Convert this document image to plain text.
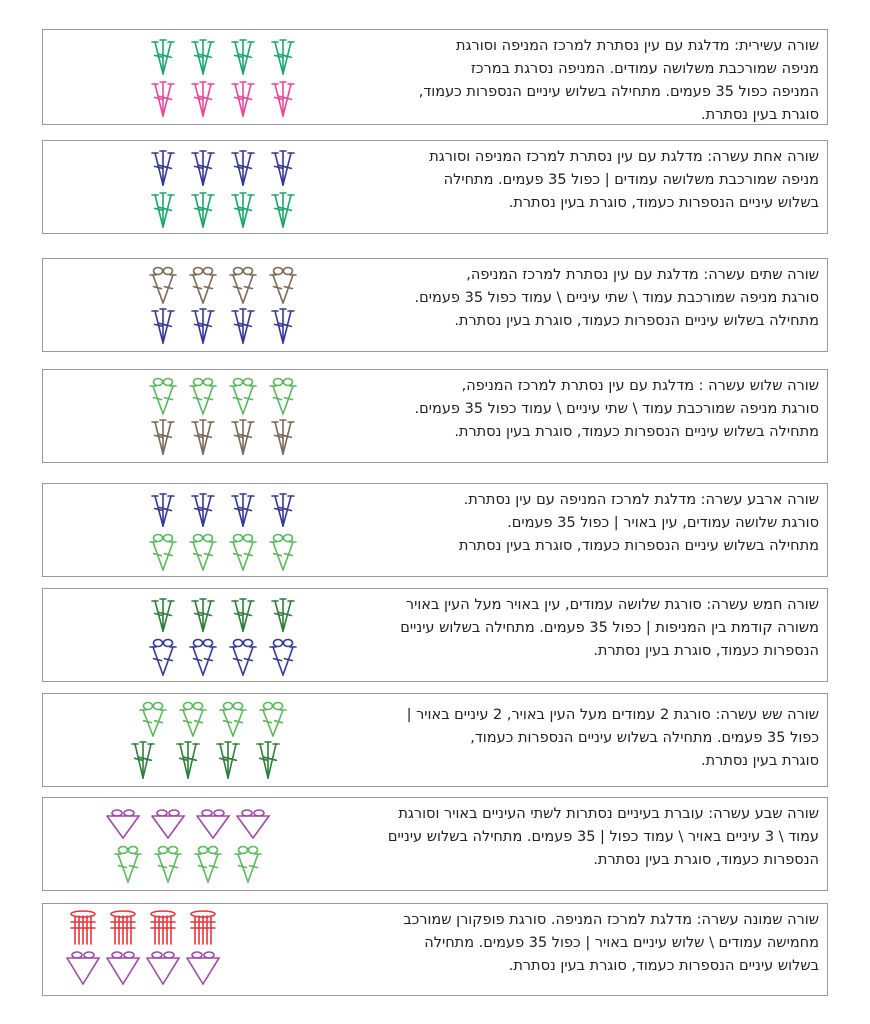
שורה עשירית: מדלגת עם עין נסתרת למרכז המניפה וסורגת
מניפה שמורכבת משלושה עמודים. המניפה נסרגת במרכז
המניפה כפול 35 פעמים. מתחילה בשלוש עיניים הנספרות כעמוד,
סוגרת בעין נסתרת.
שורה אחת עשרה: מדלגת עם עין נסתרת למרכז המניפה וסורגת
מניפה שמורכבת משלושה עמודים | כפול 35 פעמים. מתחילה
בשלוש עיניים הנספרות כעמוד, סוגרת בעין נסתרת.
שורה שתים עשרה: מדלגת עם עין נסתרת למרכז המניפה,
סורגת מניפה שמורכבת עמוד \ שתי עיניים \ עמוד כפול 35 פעמים.
מתחילה בשלוש עיניים הנספרות כעמוד, סוגרת בעין נסתרת.
שורה שלוש עשרה : מדלגת עם עין נסתרת למרכז המניפה,
סורגת מניפה שמורכבת עמוד \ שתי עיניים \ עמוד כפול 35 פעמים.
מתחילה בשלוש עיניים הנספרות כעמוד, סוגרת בעין נסתרת.
שורה ארבע עשרה: מדלגת למרכז המניפה עם עין נסתרת.
סורגת שלושה עמודים, עין באויר | כפול 35 פעמים.
מתחילה בשלוש עיניים הנספרות כעמוד, סוגרת בעין נסתרת
שורה חמש עשרה: סורגת שלושה עמודים, עין באויר מעל העין באויר
משורה קודמת בין המניפות | כפול 35 פעמים. מתחילה בשלוש עיניים
הנספרות כעמוד, סוגרת בעין נסתרת.
שורה שש עשרה: סורגת 2 עמודים מעל העין באויר, 2 עיניים באויר |
כפול 35 פעמים. מתחילה בשלוש עיניים הנספרות כעמוד,
סוגרת בעין נסתרת.
שורה שבע עשרה: עוברת בעיניים נסתרות לשתי העיניים באויר וסורגת
עמוד \ 3 עיניים באויר \ עמוד כפול | 35 פעמים. מתחילה בשלוש עיניים
הנספרות כעמוד, סוגרת בעין נסתרת.
שורה שמונה עשרה: מדלגת למרכז המניפה. סורגת פופקורן שמורכב
מחמישה עמודים \ שלוש עיניים באויר | כפול 35 פעמים. מתחילה
בשלוש עיניים הנספרות כעמוד, סוגרת בעין נסתרת.
